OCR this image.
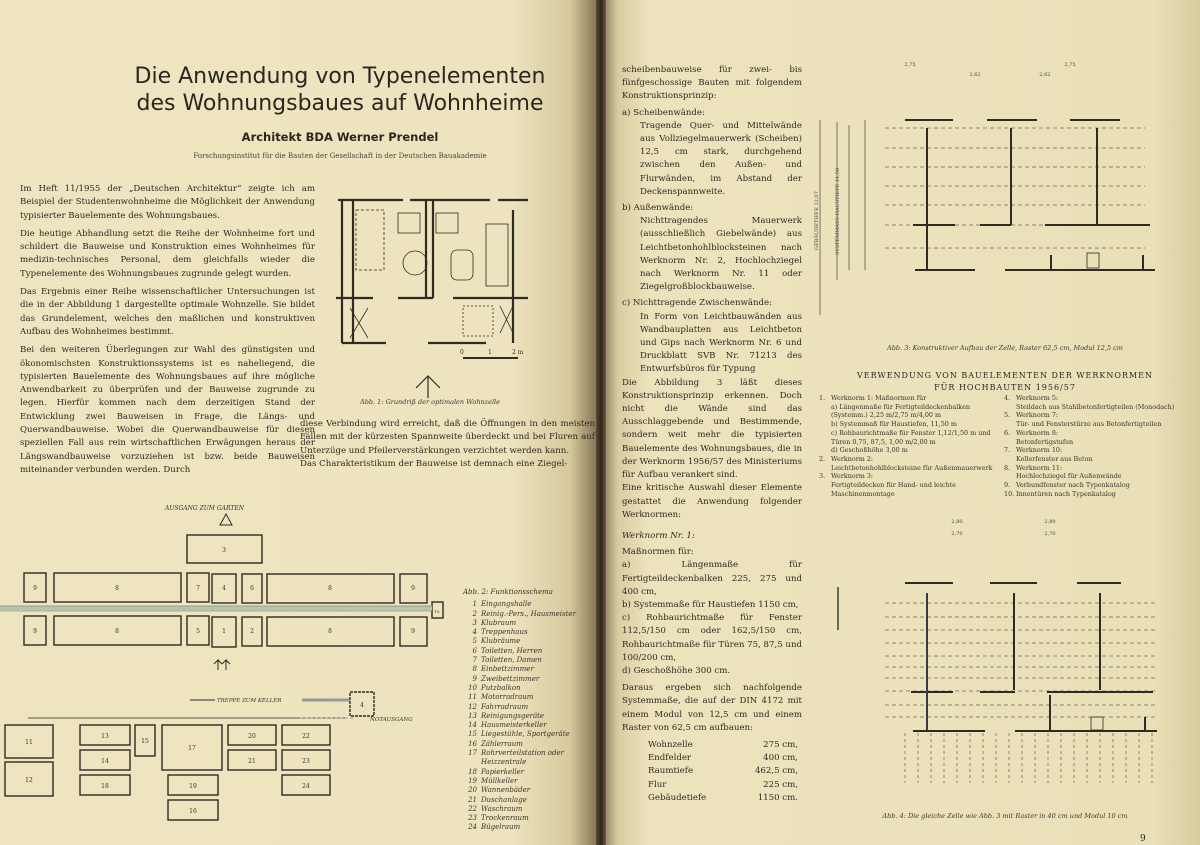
Die Anwendung von Typenelementen
des Wohnungsbaues auf Wohnheime
Architekt BDA Werner Prendel
Forschungsinstitut für die Bauten der Gesellschaft in der Deutschen Bauakademie

Im Heft 11/1955 der „Deutschen Architektur“ zeigte ich am Beispiel der Studentenwohnheime die Möglichkeit der Anwendung typisierter Bauelemente des Wohnungsbaues.

Die heutige Abhandlung setzt die Reihe der Wohnheime fort und schildert die Bauweise und Konstruktion eines Wohnheimes für medizin-technisches Personal, dem gleichfalls wieder die Typenelemente des Wohnungsbaues zugrunde gelegt wurden.

Das Ergebnis einer Reihe wissenschaftlicher Untersuchungen ist die in der Abbildung 1 dargestellte optimale Wohnzelle. Sie bildet das Grundelement, welches den maßlichen und konstruktiven Aufbau des Wohnheimes bestimmt.

Bei den weiteren Überlegungen zur Wahl des günstigsten und ökonomischsten Konstruktionssystems ist es naheliegend, die typisierten Bauelemente des Wohnungsbaues auf ihre mögliche Anwendbarkeit zu überprüfen und der Bauweise zugrunde zu legen. Hierfür kommen nach dem derzeitigen Stand der Entwicklung zwei Bauweisen in Frage, die Längs- und Querwandbauweise. Wobei die Querwandbauweise für diesen speziellen Fall aus rein wirtschaftlichen Erwägungen heraus der Längswandbauweise vorzuziehen ist bzw. beide Bauweisen miteinander verbunden werden. Durch

0	1	2 m
Abb. 1: Grundriß der optimalen Wohnzelle

diese Verbindung wird erreicht, daß die Öffnungen in den meisten Fällen mit der kürzesten Spannweite überdeckt und bei Fluren auf Unterzüge und Pfeilerverstärkungen verzichtet werden kann.

Das Charakteristikum der Bauweise ist demnach eine Ziegel-

AUSGANG ZUM GARTEN
3
9	8	7	4	6	8	9
9	8	5	1	2	8	9
10
TREPPE ZUM KELLER
4
NOTAUSGANG
11
12
13
14
18
15
17
19
16
20
21
22
23
24
Abb. 2: Funktionsschema
1 Eingangshalle
2 Reinig.-Pers., Hausmeister
3 Klubraum
4 Treppenhaus
5 Klubräume
6 Toiletten, Herren
7 Toiletten, Damen
8 Einbettzimmer
9 Zweibettzimmer
10 Putzbalkon
11 Motorradraum
12 Fahrradraum
13 Reinigungsgeräte
14 Hausmeisterkeller
15 Liegestühle, Sportgeräte
16 Zählerraum
17 Rohrverteilstation oder Heizzentrale
18 Papierkeller
19 Müllkeller
20 Wannenbäder
21 Duschanlage
22 Waschraum
23 Trockenraum
24 Bügelraum
scheibenbauweise für zwei- bis fünfgeschossige Bauten mit folgendem Konstruktionsprinzip:
a) Scheibenwände:
Tragende Quer- und Mittelwände aus Vollziegelmauerwerk (Scheiben) 12,5 cm stark, durchgehend zwischen den Außen- und Flurwänden, im Abstand der Deckenspannweite.
b) Außenwände:
Nichttragendes Mauerwerk (ausschließlich Giebelwände) aus Leichtbetonhohlblocksteinen nach Werknorm Nr. 2, Hochlochziegel nach Werknorm Nr. 11 oder Ziegelgroßblockbauweise.
c) Nichttragende Zwischenwände:
In Form von Leichtbauwänden aus Wandbauplatten aus Leichtbeton und Gips nach Werknorm Nr. 6 und Druckblatt SVB Nr. 71213 des Entwurfsbüros für Typung
Die Abbildung 3 läßt dieses Konstruktionsprinzip erkennen. Doch nicht die Wände sind das Ausschlaggebende und Bestimmende, sondern weit mehr die typisierten Bauelemente des Wohnungsbaues, die in der Werknorm 1956/57 des Ministeriums für Aufbau verankert sind.
Eine kritische Auswahl dieser Elemente gestattet die Anwendung folgender Werknormen:
Werknorm Nr. 1:
Maßnormen für:
a) Längenmaße für Fertigteildeckenbalken 225, 275 und 400 cm,
b) Systemmaße für Haustiefen 1150 cm,
c) Rohbaurichtmaße für Fenster 112,5/150 cm oder 162,5/150 cm, Rohbaurichtmaße für Türen 75, 87,5 und 100/200 cm,
d) Geschoßhöhe 300 cm.
Daraus ergeben sich nachfolgende Systemmaße, die auf der DIN 4172 mit einem Modul von 12,5 cm und einem Raster von 62,5 cm aufbauen:
Wohnzelle	275 cm,
Endfelder	400 cm,
Raumtiefe	462,5 cm,
Flur	225 cm,
Gebäudetiefe	1150 cm.
2,75	2,75
2,62	2,62
GEBÄUDETIEFE 12,07	SYSTEMMASS-HAUSTIEFE 11,50
Abb. 3: Konstruktiver Aufbau der Zelle, Raster 62,5 cm, Modul 12,5 cm
VERWENDUNG VON BAUELEMENTEN DER WERKNORMEN
FÜR HOCHBAUTEN 1956/57
1. Werknorm 1: Maßnormen für
a) Längenmaße für Fertigteildeckenbalken (Systemm.) 2,25 m/2,75 m/4,00 m
b) Systemmaß für Haustiefen, 11,50 m
c) Rohbaurichtmaße für Fenster 1,12/1,50 m und Türen 0,75, 87,5, 1,00 m/2,00 m
d) Geschoßhöhe 3,00 m
2. Werknorm 2:
Leichtbetonhohlblocksteine für Außenmauerwerk
3. Werknorm 3:
Fertigteildecken für Hand- und leichte Maschinenmontage
4. Werknorm 5:
Steildach aus Stahlbetonfertigteilen (Monodach)
5. Werknorm 7:
Tür- und Fensterstürze aus Betonfertigteilen
6. Werknorm 8:
Betonfertigstufen
7. Werknorm 10:
Kellerfenster aus Beton
8. Werknorm 11:
Hochlochziegel für Außenwände
9. Verbundfenster nach Typenkatalog
10. Innentüren nach Typenkatalog
2,80	2,80
2,70	2,70
Abb. 4: Die gleiche Zelle wie Abb. 3 mit Raster in 40 cm und Modul 10 cm
9
